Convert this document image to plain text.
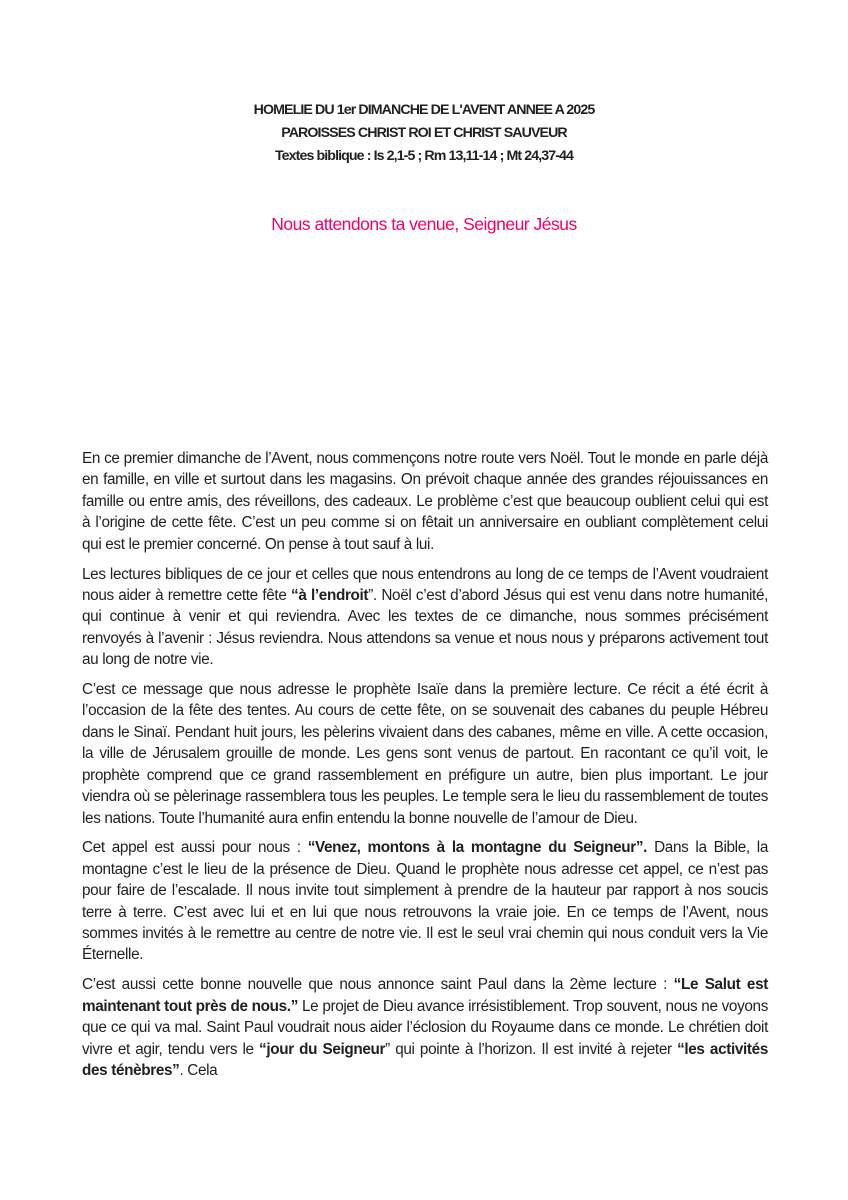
HOMELIE DU 1er DIMANCHE DE L'AVENT ANNEE A 2025

PAROISSES CHRIST ROI ET CHRIST SAUVEUR

Textes biblique : Is 2,1-5 ; Rm 13,11-14 ; Mt 24,37-44

Nous attendons ta venue, Seigneur Jésus

En ce premier dimanche de l’Avent, nous commençons notre route vers Noël. Tout le monde en parle déjà en famille, en ville et surtout dans les magasins. On prévoit chaque année des grandes réjouissances en famille ou entre amis, des réveillons, des cadeaux. Le problème c’est que beaucoup oublient celui qui est à l’origine de cette fête. C’est un peu comme si on fêtait un anniversaire en oubliant complètement celui qui est le premier concerné. On pense à tout sauf à lui.

Les lectures bibliques de ce jour et celles que nous entendrons au long de ce temps de l’Avent voudraient nous aider à remettre cette fête “à l’endroit”. Noël c’est d’abord Jésus qui est venu dans notre humanité, qui continue à venir et qui reviendra. Avec les textes de ce dimanche, nous sommes précisément renvoyés à l’avenir : Jésus reviendra. Nous attendons sa venue et nous nous y préparons activement tout au long de notre vie.

C’est ce message que nous adresse le prophète Isaïe dans la première lecture. Ce récit a été écrit à l’occasion de la fête des tentes. Au cours de cette fête, on se souvenait des cabanes du peuple Hébreu dans le Sinaï. Pendant huit jours, les pèlerins vivaient dans des cabanes, même en ville. A cette occasion, la ville de Jérusalem grouille de monde. Les gens sont venus de partout. En racontant ce qu’il voit, le prophète comprend que ce grand rassemblement en préfigure un autre, bien plus important. Le jour viendra où se pèlerinage rassemblera tous les peuples. Le temple sera le lieu du rassemblement de toutes les nations. Toute l’humanité aura enfin entendu la bonne nouvelle de l’amour de Dieu.

Cet appel est aussi pour nous : “Venez, montons à la montagne du Seigneur”. Dans la Bible, la montagne c’est le lieu de la présence de Dieu. Quand le prophète nous adresse cet appel, ce n’est pas pour faire de l’escalade. Il nous invite tout simplement à prendre de la hauteur par rapport à nos soucis terre à terre. C’est avec lui et en lui que nous retrouvons la vraie joie. En ce temps de l’Avent, nous sommes invités à le remettre au centre de notre vie. Il est le seul vrai chemin qui nous conduit vers la Vie Éternelle.

C’est aussi cette bonne nouvelle que nous annonce saint Paul dans la 2ème lecture : “Le Salut est maintenant tout près de nous.” Le projet de Dieu avance irrésistiblement. Trop souvent, nous ne voyons que ce qui va mal. Saint Paul voudrait nous aider l’éclosion du Royaume dans ce monde. Le chrétien doit vivre et agir, tendu vers le “jour du Seigneur” qui pointe à l’horizon. Il est invité à rejeter “les activités des ténèbres”. Cela
